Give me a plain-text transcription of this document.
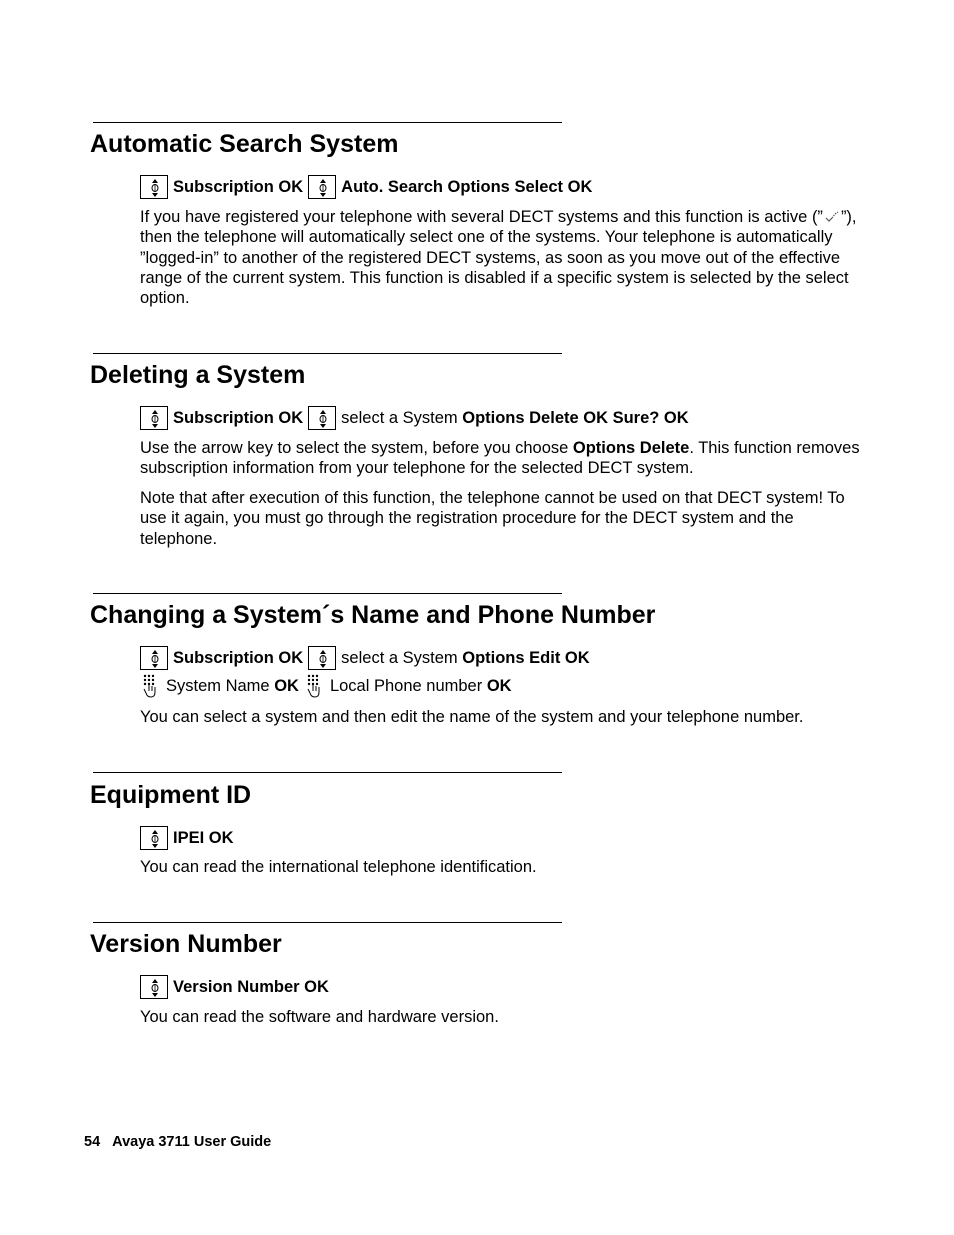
Automatic Search System
Subscription OK Auto. Search Options Select OK

If you have registered your telephone with several DECT systems and this function is active (” ”), then the telephone will automatically select one of the systems. Your telephone is automatically ”logged-in” to another of the registered DECT systems, as soon as you move out of the effective range of the current system. This function is disabled if a specific system is selected by the select option.

Deleting a System
Subscription OK select a System
Options Delete OK Sure? OK

Use the arrow key to select the system, before you choose Options Delete. This function removes subscription information from your telephone for the selected DECT system.

Note that after execution of this function, the telephone cannot be used on that DECT system! To use it again, you must go through the registration procedure for the DECT system and the telephone.

Changing a System´s Name and Phone Number
Subscription OK select a System
Options Edit OK
System Name
OK Local Phone number
OK

You can select a system and then edit the name of the system and your telephone number.

Equipment ID
IPEI OK

You can read the international telephone identification.

Version Number
Version Number OK

You can read the software and hardware version.

54 Avaya 3711 User Guide
